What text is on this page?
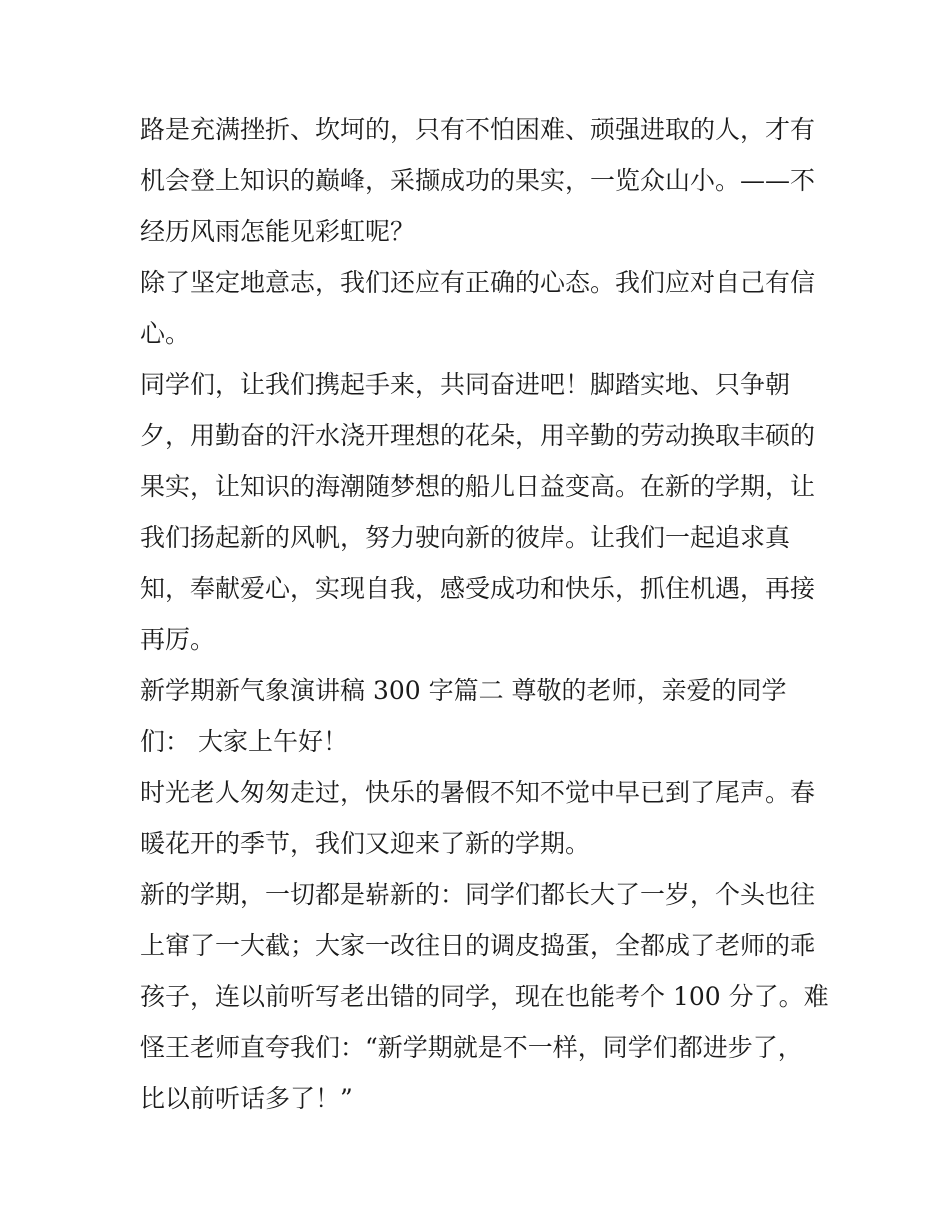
路是充满挫折、坎坷的，只有不怕困难、顽强进取的人，才有
机会登上知识的巅峰，采撷成功的果实，一览众山小。——不
经历风雨怎能见彩虹呢？
除了坚定地意志，我们还应有正确的心态。我们应对自己有信
心。
同学们，让我们携起手来，共同奋进吧！脚踏实地、只争朝
夕，用勤奋的汗水浇开理想的花朵，用辛勤的劳动换取丰硕的
果实，让知识的海潮随梦想的船儿日益变高。在新的学期，让
我们扬起新的风帆，努力驶向新的彼岸。让我们一起追求真
知，奉献爱心，实现自我，感受成功和快乐，抓住机遇，再接
再厉。
新学期新气象演讲稿 300 字篇二 尊敬的老师，亲爱的同学
们： 大家上午好！
时光老人匆匆走过，快乐的暑假不知不觉中早已到了尾声。春
暖花开的季节，我们又迎来了新的学期。
新的学期，一切都是崭新的：同学们都长大了一岁，个头也往
上窜了一大截；大家一改往日的调皮捣蛋，全都成了老师的乖
孩子，连以前听写老出错的同学，现在也能考个 100 分了。难
怪王老师直夸我们：“新学期就是不一样，同学们都进步了，
比以前听话多了！”
